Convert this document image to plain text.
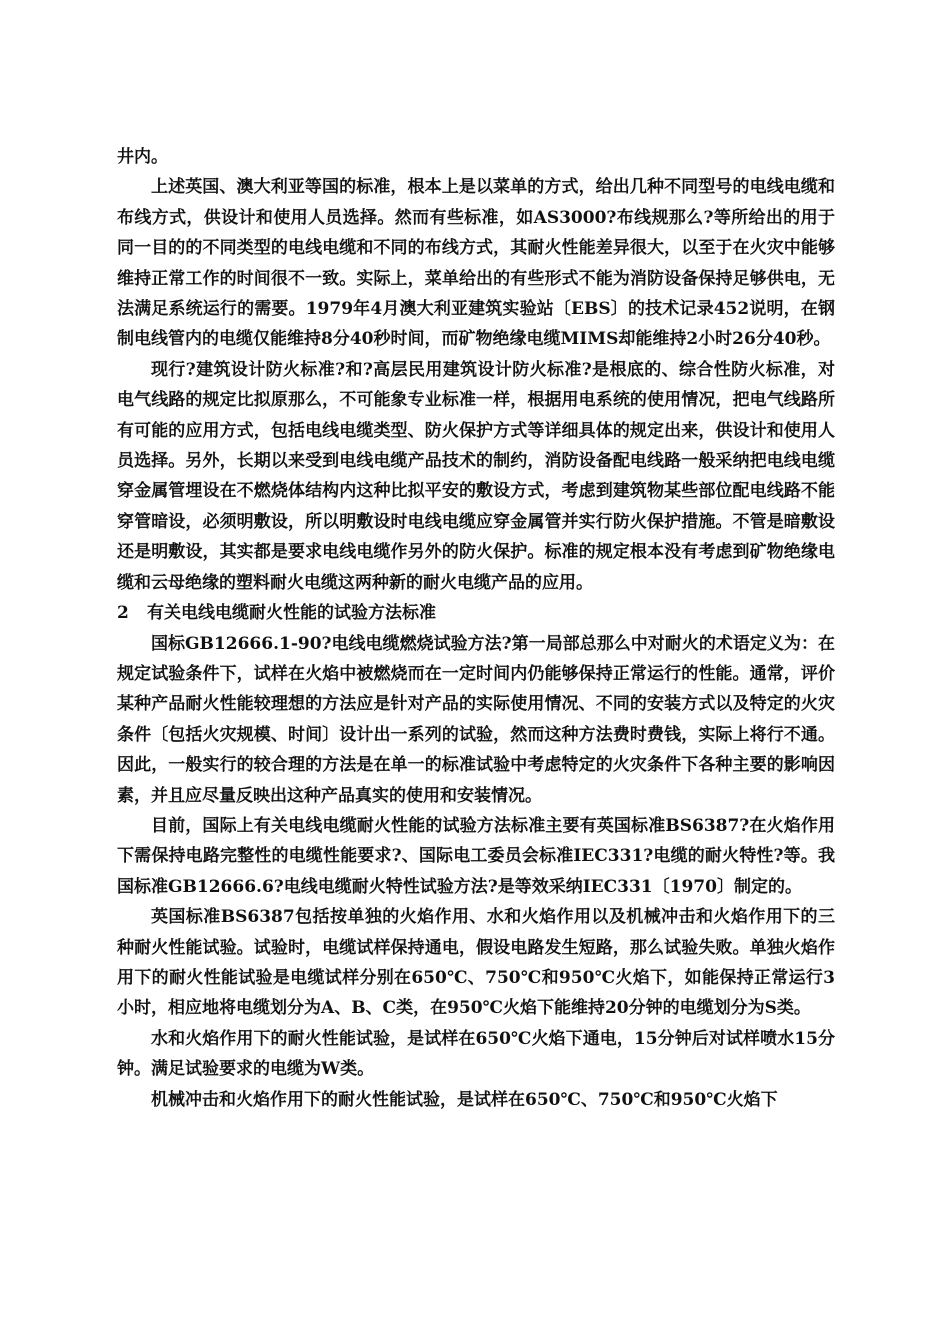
井内。

上述英国、澳大利亚等国的标准，根本上是以菜单的方式，给出几种不同型号的电线电缆和布线方式，供设计和使用人员选择。然而有些标准，如AS3000?布线规那么?等所给出的用于同一目的的不同类型的电线电缆和不同的布线方式，其耐火性能差异很大，以至于在火灾中能够维持正常工作的时间很不一致。实际上，菜单给出的有些形式不能为消防设备保持足够供电，无法满足系统运行的需要。1979年4月澳大利亚建筑实验站〔EBS〕的技术记录452说明，在钢制电线管内的电缆仅能维持8分40秒时间，而矿物绝缘电缆MIMS却能维持2小时26分40秒。

现行?建筑设计防火标准?和?高层民用建筑设计防火标准?是根底的、综合性防火标准，对电气线路的规定比拟原那么，不可能象专业标准一样，根据用电系统的使用情况，把电气线路所有可能的应用方式，包括电线电缆类型、防火保护方式等详细具体的规定出来，供设计和使用人员选择。另外，长期以来受到电线电缆产品技术的制约，消防设备配电线路一般采纳把电线电缆穿金属管埋设在不燃烧体结构内这种比拟平安的敷设方式，考虑到建筑物某些部位配电线路不能穿管暗设，必须明敷设，所以明敷设时电线电缆应穿金属管并实行防火保护措施。不管是暗敷设还是明敷设，其实都是要求电线电缆作另外的防火保护。标准的规定根本没有考虑到矿物绝缘电缆和云母绝缘的塑料耐火电缆这两种新的耐火电缆产品的应用。

2 有关电线电缆耐火性能的试验方法标准

国标GB12666.1-90?电线电缆燃烧试验方法?第一局部总那么中对耐火的术语定义为：在规定试验条件下，试样在火焰中被燃烧而在一定时间内仍能够保持正常运行的性能。通常，评价某种产品耐火性能较理想的方法应是针对产品的实际使用情况、不同的安装方式以及特定的火灾条件〔包括火灾规模、时间〕设计出一系列的试验，然而这种方法费时费钱，实际上将行不通。因此，一般实行的较合理的方法是在单一的标准试验中考虑特定的火灾条件下各种主要的影响因素，并且应尽量反映出这种产品真实的使用和安装情况。

目前，国际上有关电线电缆耐火性能的试验方法标准主要有英国标准BS6387?在火焰作用下需保持电路完整性的电缆性能要求?、国际电工委员会标准IEC331?电缆的耐火特性?等。我国标准GB12666.6?电线电缆耐火特性试验方法?是等效采纳IEC331〔1970〕制定的。

英国标准BS6387包括按单独的火焰作用、水和火焰作用以及机械冲击和火焰作用下的三种耐火性能试验。试验时，电缆试样保持通电，假设电路发生短路，那么试验失败。单独火焰作用下的耐火性能试验是电缆试样分别在650℃、750℃和950℃火焰下，如能保持正常运行3小时，相应地将电缆划分为A、B、C类，在950℃火焰下能维持20分钟的电缆划分为S类。

水和火焰作用下的耐火性能试验，是试样在650℃火焰下通电，15分钟后对试样喷水15分钟。满足试验要求的电缆为W类。

机械冲击和火焰作用下的耐火性能试验，是试样在650℃、750℃和950℃火焰下
